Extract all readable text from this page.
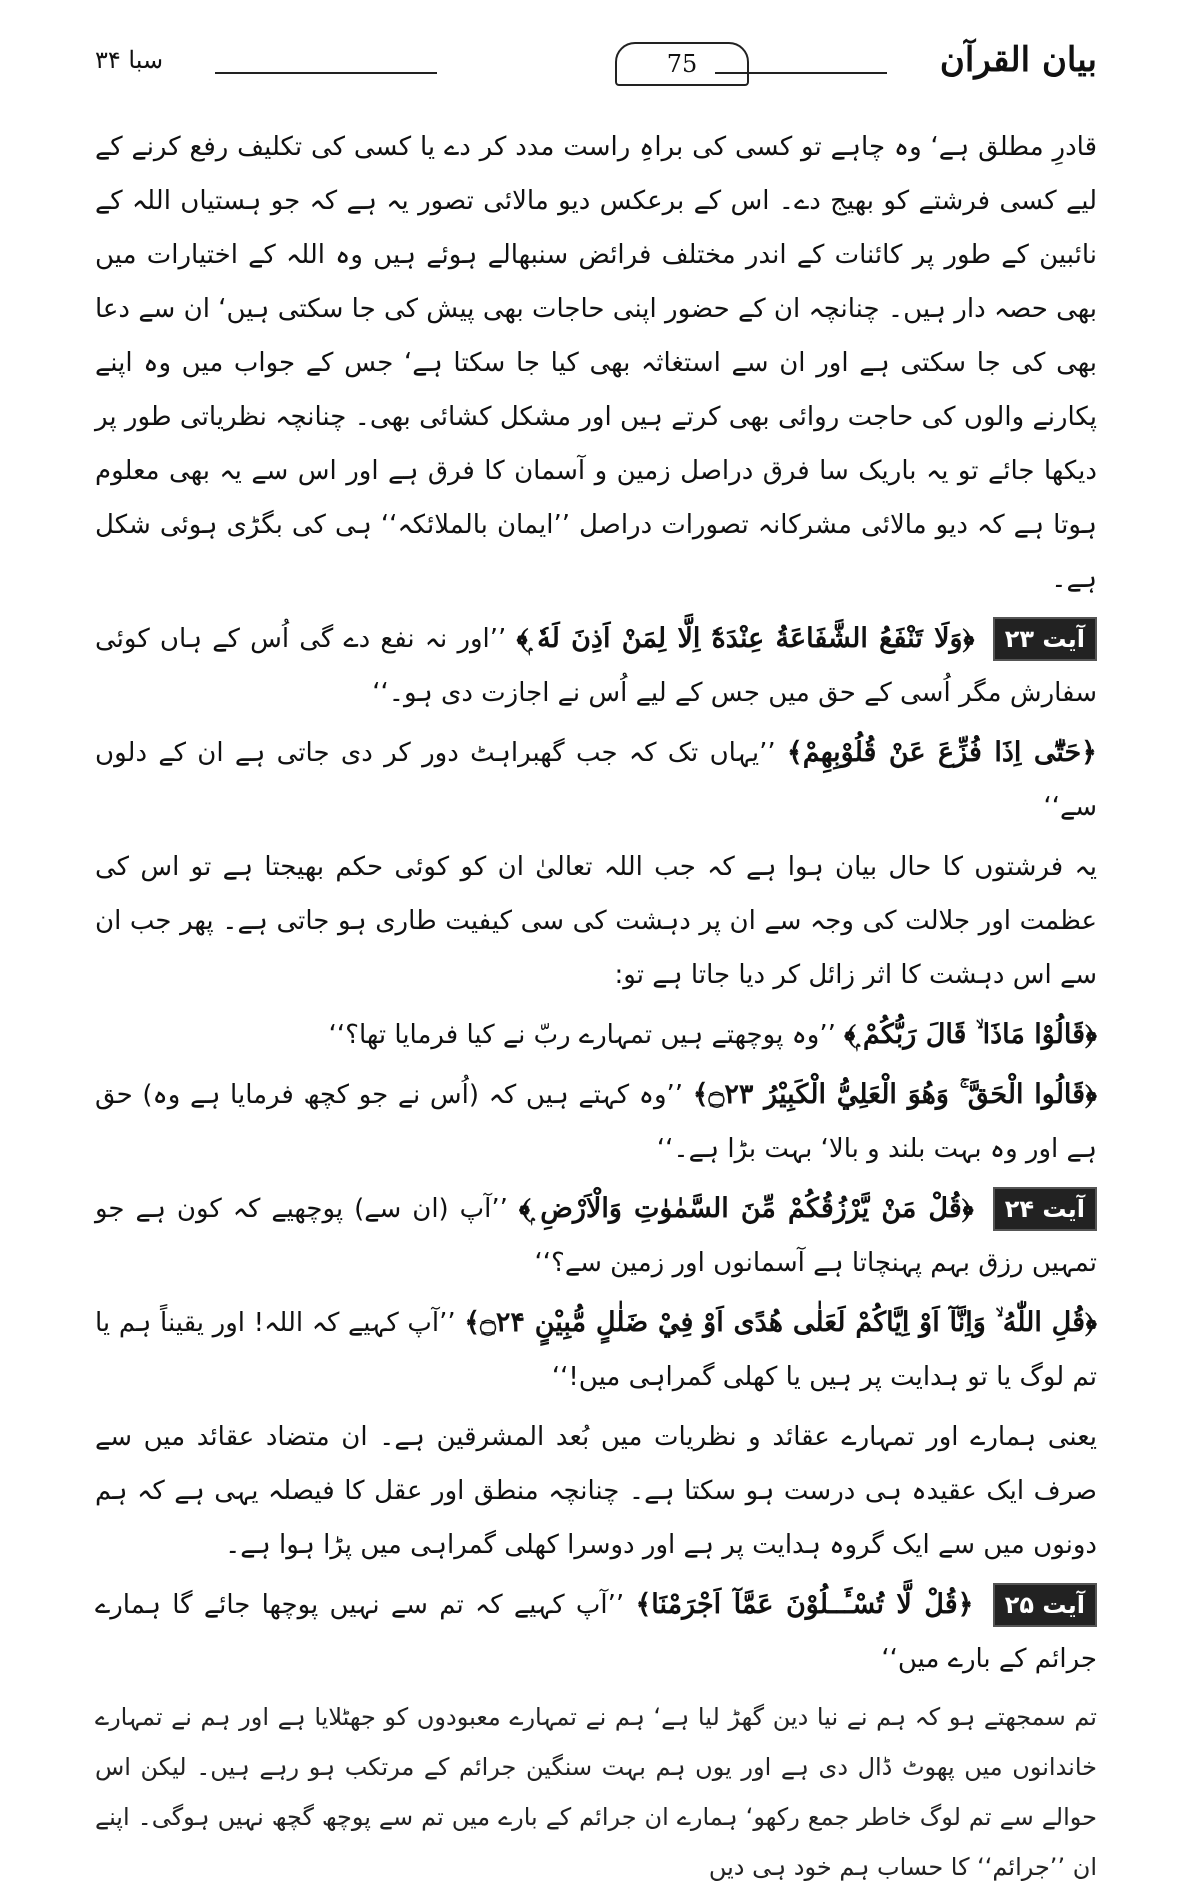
بیان القرآن
75
سبا ۳۴

قادرِ مطلق ہے‘ وہ چاہے تو کسی کی براہِ راست مدد کر دے یا کسی کی تکلیف رفع کرنے کے لیے کسی فرشتے کو بھیج دے۔ اس کے برعکس دیو مالائی تصور یہ ہے کہ جو ہستیاں اللہ کے نائبین کے طور پر کائنات کے اندر مختلف فرائض سنبھالے ہوئے ہیں وہ اللہ کے اختیارات میں بھی حصہ دار ہیں۔ چنانچہ ان کے حضور اپنی حاجات بھی پیش کی جا سکتی ہیں‘ ان سے دعا بھی کی جا سکتی ہے اور ان سے استغاثہ بھی کیا جا سکتا ہے‘ جس کے جواب میں وہ اپنے پکارنے والوں کی حاجت روائی بھی کرتے ہیں اور مشکل کشائی بھی۔ چنانچہ نظریاتی طور پر دیکھا جائے تو یہ باریک سا فرق دراصل زمین و آسمان کا فرق ہے اور اس سے یہ بھی معلوم ہوتا ہے کہ دیو مالائی مشرکانہ تصورات دراصل ’’ایمان بالملائکہ‘‘ ہی کی بگڑی ہوئی شکل ہے۔

آیت ۲۳ ﴿وَلَا تَنْفَعُ الشَّفَاعَةُ عِنْدَهٗٓ اِلَّا لِمَنْ اَذِنَ لَهٗ ۭ﴾ ’’اور نہ نفع دے گی اُس کے ہاں کوئی سفارش مگر اُسی کے حق میں جس کے لیے اُس نے اجازت دی ہو۔‘‘

﴿حَتّٰٓى اِذَا فُزِّعَ عَنْ قُلُوْبِهِمْ﴾ ’’یہاں تک کہ جب گھبراہٹ دور کر دی جاتی ہے ان کے دلوں سے‘‘

یہ فرشتوں کا حال بیان ہوا ہے کہ جب اللہ تعالیٰ ان کو کوئی حکم بھیجتا ہے تو اس کی عظمت اور جلالت کی وجہ سے ان پر دہشت کی سی کیفیت طاری ہو جاتی ہے۔ پھر جب ان سے اس دہشت کا اثر زائل کر دیا جاتا ہے تو:

﴿قَالُوْا مَاذَا ۙ قَالَ رَبُّكُمْ ۭ﴾ ’’وہ پوچھتے ہیں تمہارے ربّ نے کیا فرمایا تھا؟‘‘

﴿قَالُوا الْحَقَّ ۚ وَهُوَ الْعَلِيُّ الْكَبِيْرُ ۝۲۳﴾ ’’وہ کہتے ہیں کہ (اُس نے جو کچھ فرمایا ہے وہ) حق ہے اور وہ بہت بلند و بالا‘ بہت بڑا ہے۔‘‘

آیت ۲۴ ﴿قُلْ مَنْ يَّرْزُقُكُمْ مِّنَ السَّمٰوٰتِ وَالْاَرْضِ ۭ﴾ ’’آپ (ان سے) پوچھیے کہ کون ہے جو تمہیں رزق بہم پہنچاتا ہے آسمانوں اور زمین سے؟‘‘

﴿قُلِ اللّٰهُ ۙ وَاِنَّآ اَوْ اِيَّاكُمْ لَعَلٰى هُدًى اَوْ فِيْ ضَلٰلٍ مُّبِيْنٍ ۝۲۴﴾ ’’آپ کہیے کہ اللہ! اور یقیناً ہم یا تم لوگ یا تو ہدایت پر ہیں یا کھلی گمراہی میں!‘‘

یعنی ہمارے اور تمہارے عقائد و نظریات میں بُعد المشرقین ہے۔ ان متضاد عقائد میں سے صرف ایک عقیدہ ہی درست ہو سکتا ہے۔ چنانچہ منطق اور عقل کا فیصلہ یہی ہے کہ ہم دونوں میں سے ایک گروہ ہدایت پر ہے اور دوسرا کھلی گمراہی میں پڑا ہوا ہے۔

آیت ۲۵ ﴿قُلْ لَّا تُسْـَٔــلُوْنَ عَمَّآ اَجْرَمْنَا﴾ ’’آپ کہیے کہ تم سے نہیں پوچھا جائے گا ہمارے جرائم کے بارے میں‘‘

تم سمجھتے ہو کہ ہم نے نیا دین گھڑ لیا ہے‘ ہم نے تمہارے معبودوں کو جھٹلایا ہے اور ہم نے تمہارے خاندانوں میں پھوٹ ڈال دی ہے اور یوں ہم بہت سنگین جرائم کے مرتکب ہو رہے ہیں۔ لیکن اس حوالے سے تم لوگ خاطر جمع رکھو‘ ہمارے ان جرائم کے بارے میں تم سے پوچھ گچھ نہیں ہوگی۔ اپنے ان ’’جرائم‘‘ کا حساب ہم خود ہی دیں
